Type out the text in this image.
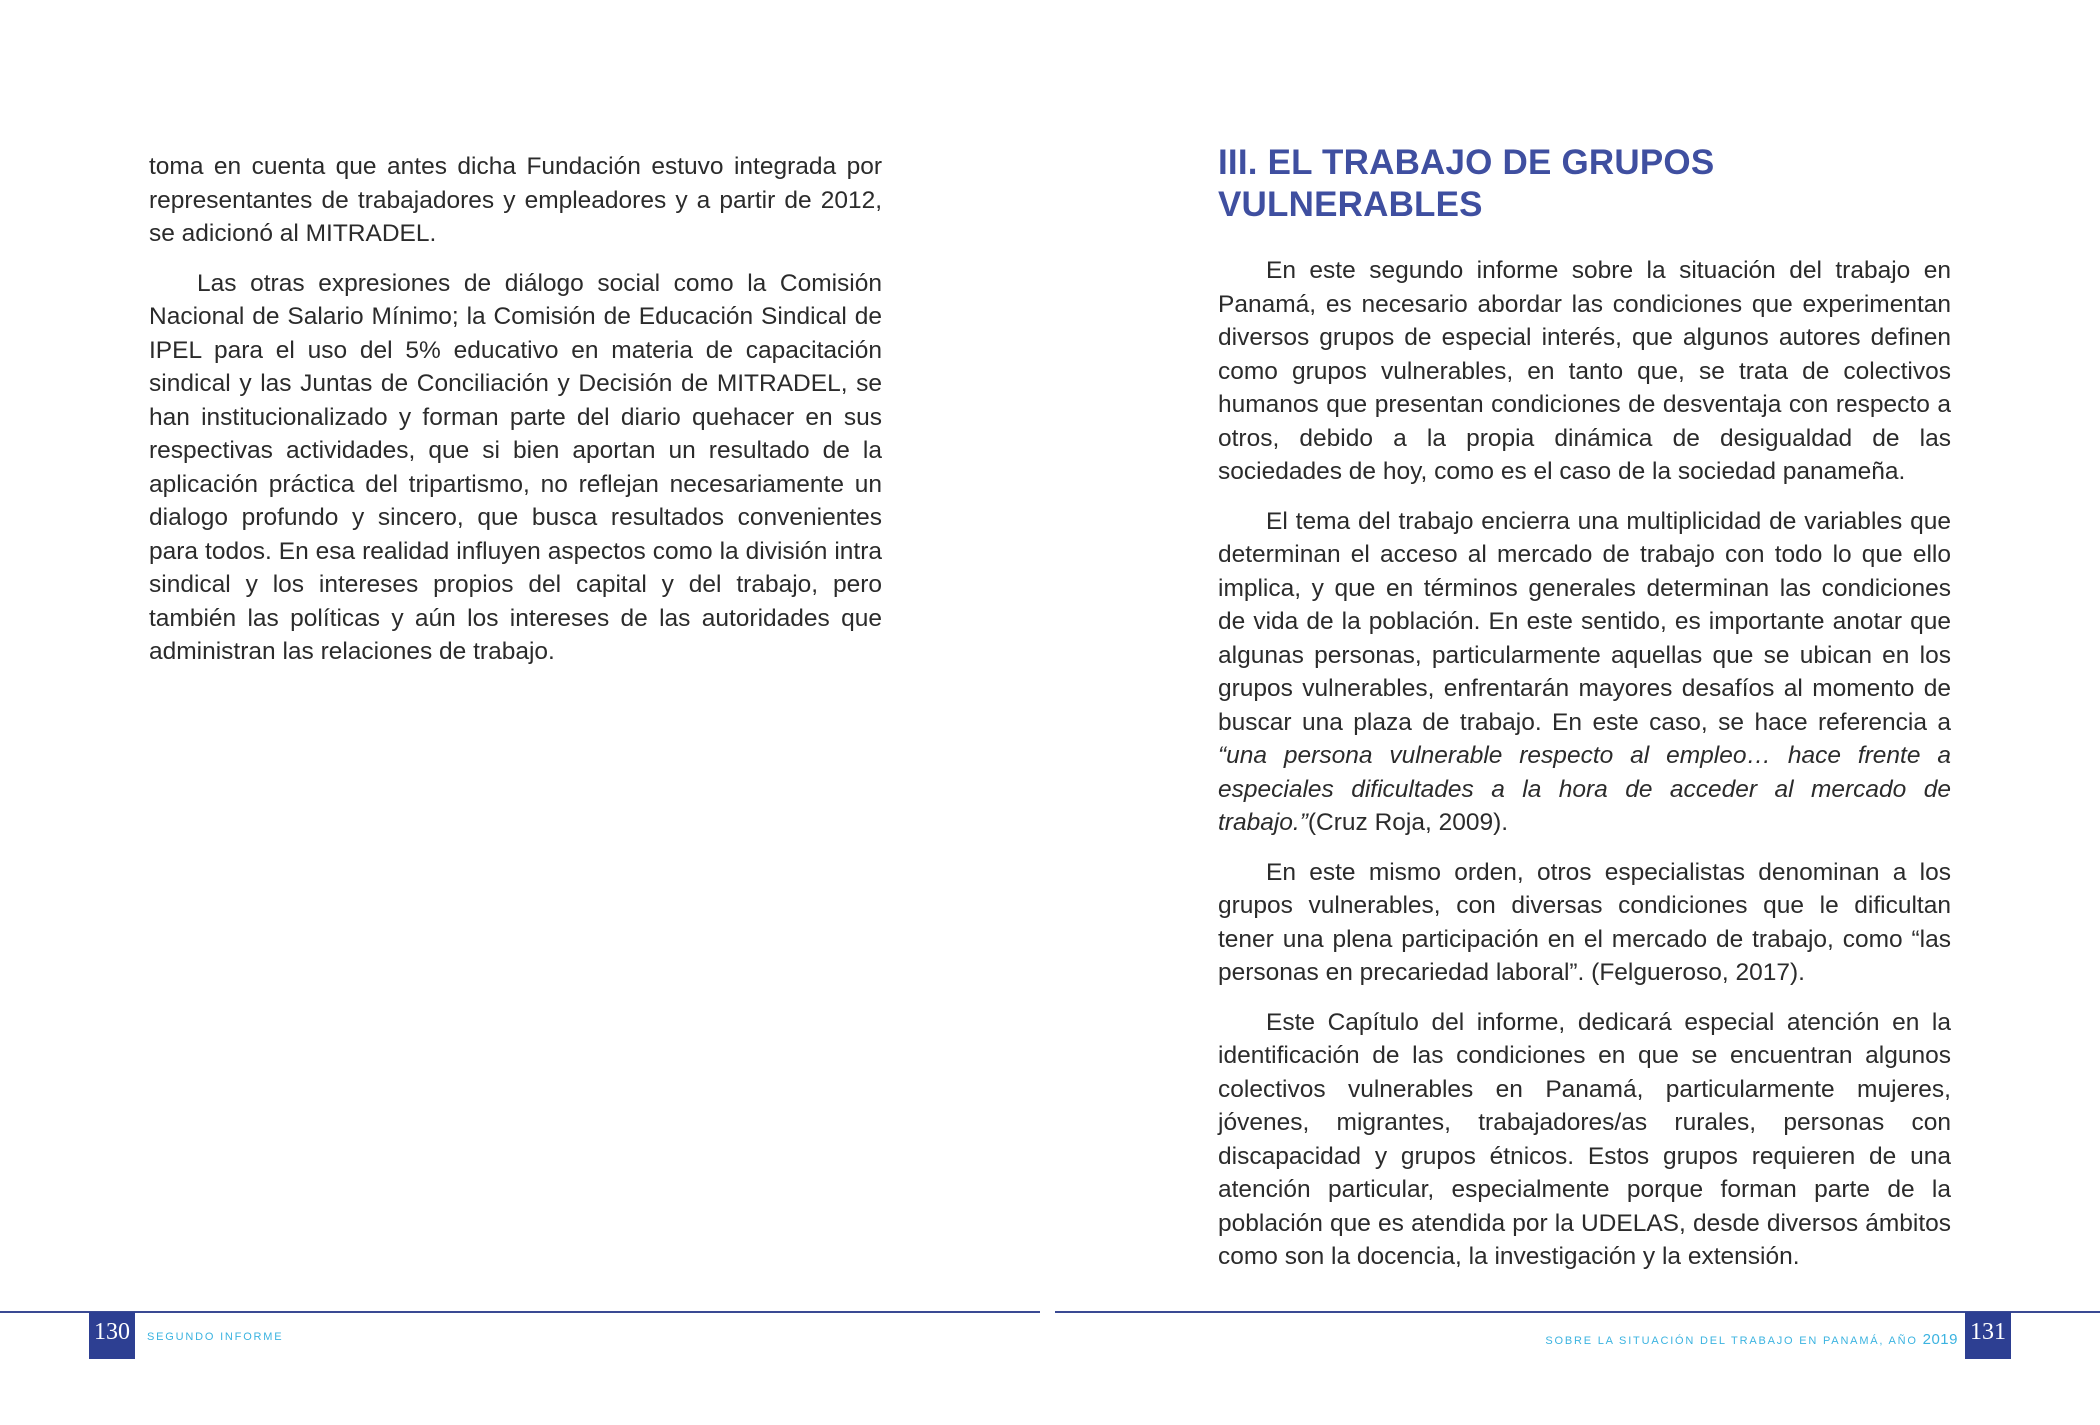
toma en cuenta que antes dicha Fundación estuvo integrada por representantes de trabajadores y empleadores y a partir de 2012, se adicionó al MITRADEL.

Las otras expresiones de diálogo social como la Comisión Nacional de Salario Mínimo; la Comisión de Educación Sindical de IPEL para el uso del 5% educativo en materia de capacitación sindical y las Juntas de Conciliación y Decisión de MITRADEL, se han institucionalizado y forman parte del diario quehacer en sus respectivas actividades, que si bien aportan un resultado de la aplicación práctica del tripartismo, no reflejan necesariamente un dialogo profundo y sincero, que busca resultados convenientes para todos. En esa realidad influyen aspectos como la división intra sindical y los intereses propios del capital y del trabajo, pero también las políticas y aún los intereses de las autoridades que administran las relaciones de trabajo.

130	SEGUNDO INFORME
III. EL TRABAJO DE GRUPOS VULNERABLES

En este segundo informe sobre la situación del trabajo en Panamá, es necesario abordar las condiciones que experimentan diversos grupos de especial interés, que algunos autores definen como grupos vulnerables, en tanto que, se trata de colectivos humanos que presentan condiciones de desventaja con respecto a otros, debido a la propia dinámica de desigualdad de las sociedades de hoy, como es el caso de la sociedad panameña.

El tema del trabajo encierra una multiplicidad de variables que determinan el acceso al mercado de trabajo con todo lo que ello implica, y que en términos generales determinan las condiciones de vida de la población. En este sentido, es importante anotar que algunas personas, particularmente aquellas que se ubican en los grupos vulnerables, enfrentarán mayores desafíos al momento de buscar una plaza de trabajo. En este caso, se hace referencia a “una persona vulnerable respecto al empleo… hace frente a especiales dificultades a la hora de acceder al mercado de trabajo.”(Cruz Roja, 2009).

En este mismo orden, otros especialistas denominan a los grupos vulnerables, con diversas condiciones que le dificultan tener una plena participación en el mercado de trabajo, como “las personas en precariedad laboral”. (Felgueroso, 2017).

Este Capítulo del informe, dedicará especial atención en la identificación de las condiciones en que se encuentran algunos colectivos vulnerables en Panamá, particularmente mujeres, jóvenes, migrantes, trabajadores/as rurales, personas con discapacidad y grupos étnicos. Estos grupos requieren de una atención particular, especialmente porque forman parte de la población que es atendida por la UDELAS, desde diversos ámbitos como son la docencia, la investigación y la extensión.

SOBRE LA SITUACIÓN DEL TRABAJO EN PANAMÁ, AÑO 2019 131
